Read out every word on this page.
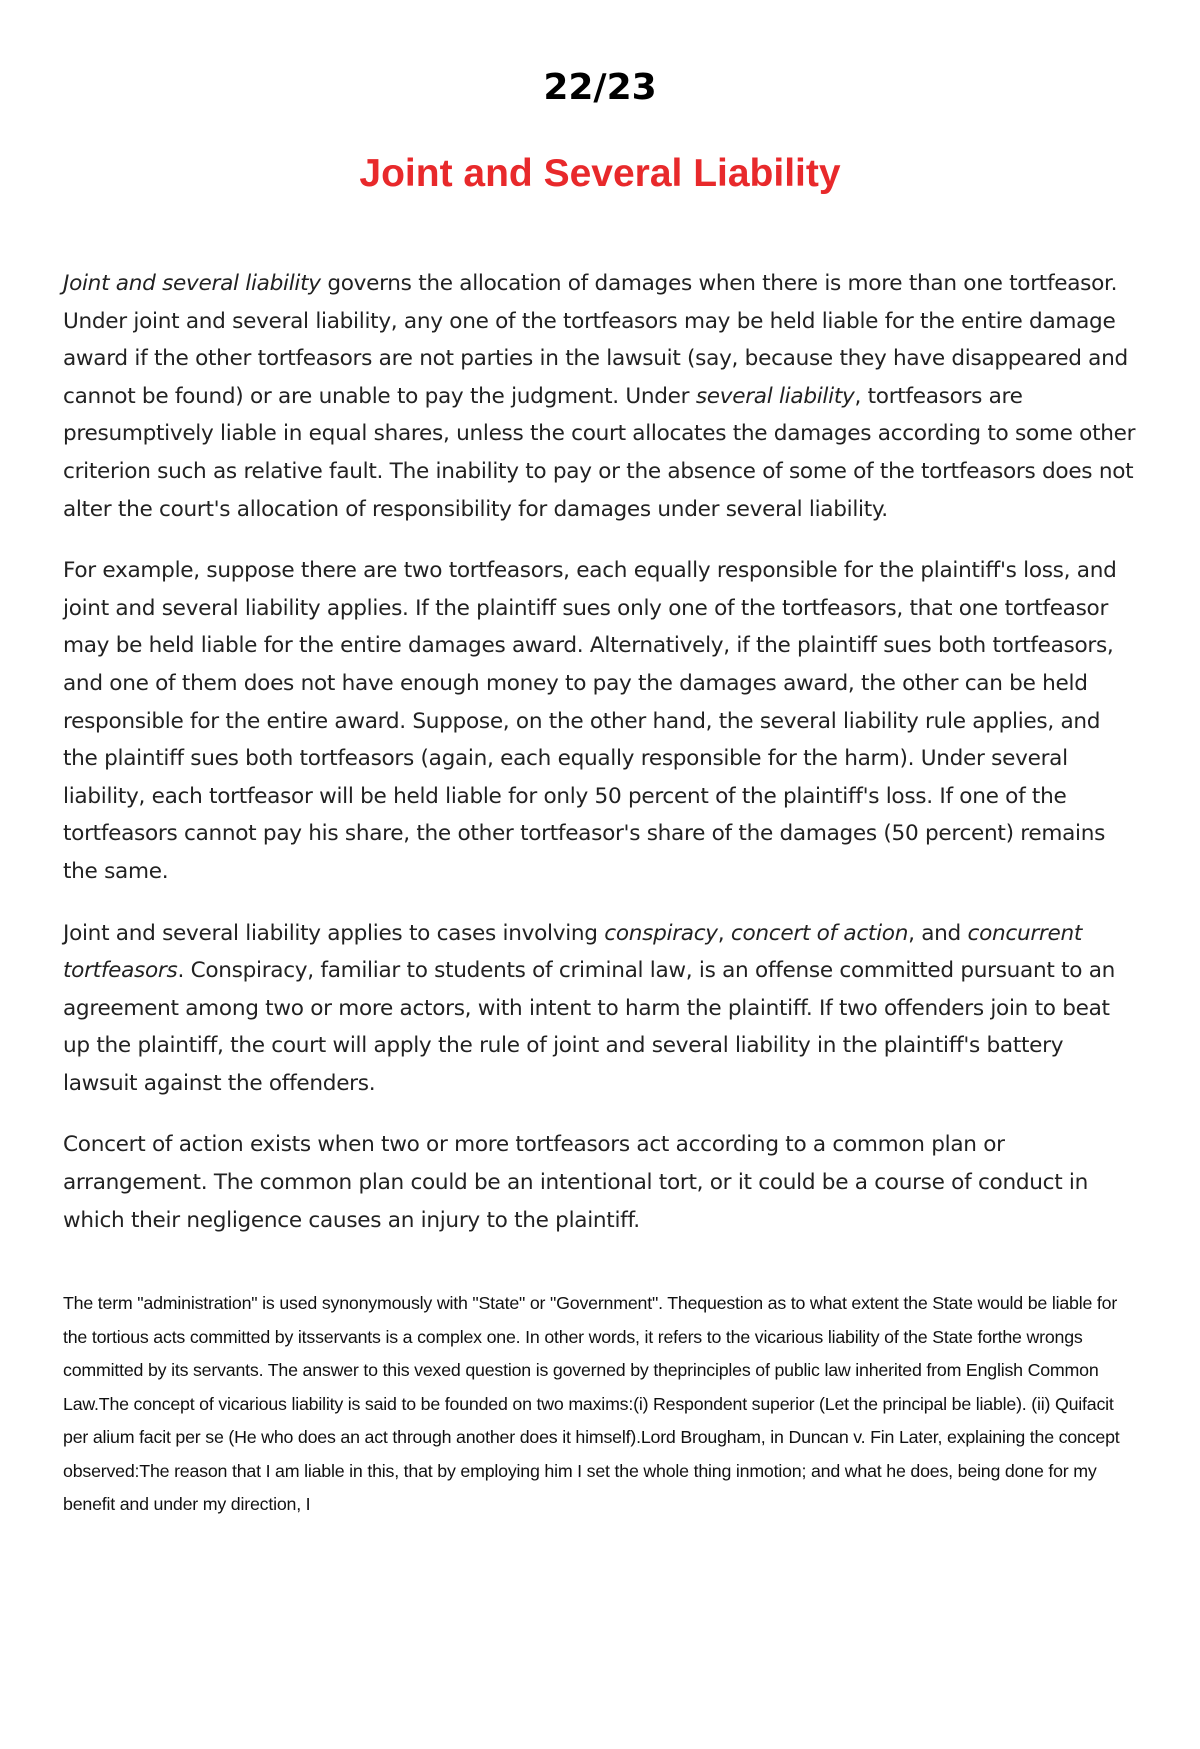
22/23
Joint and Several Liability

Joint and several liability governs the allocation of damages when there is more than one tortfeasor. Under joint and several liability, any one of the tortfeasors may be held liable for the entire damage award if the other tortfeasors are not parties in the lawsuit (say, because they have disappeared and cannot be found) or are unable to pay the judgment. Under several liability, tortfeasors are presumptively liable in equal shares, unless the court allocates the damages according to some other criterion such as relative fault. The inability to pay or the absence of some of the tortfeasors does not alter the court's allocation of responsibility for damages under several liability.

For example, suppose there are two tortfeasors, each equally responsible for the plaintiff's loss, and joint and several liability applies. If the plaintiff sues only one of the tortfeasors, that one tortfeasor may be held liable for the entire damages award. Alternatively, if the plaintiff sues both tortfeasors, and one of them does not have enough money to pay the damages award, the other can be held responsible for the entire award. Suppose, on the other hand, the several liability rule applies, and the plaintiff sues both tortfeasors (again, each equally responsible for the harm). Under several liability, each tortfeasor will be held liable for only 50 percent of the plaintiff's loss. If one of the tortfeasors cannot pay his share, the other tortfeasor's share of the damages (50 percent) remains the same.

Joint and several liability applies to cases involving conspiracy, concert of action, and concurrent tortfeasors. Conspiracy, familiar to students of criminal law, is an offense committed pursuant to an agreement among two or more actors, with intent to harm the plaintiff. If two offenders join to beat up the plaintiff, the court will apply the rule of joint and several liability in the plaintiff's battery lawsuit against the offenders.

Concert of action exists when two or more tortfeasors act according to a common plan or arrangement. The common plan could be an intentional tort, or it could be a course of conduct in which their negligence causes an injury to the plaintiff.

The term "administration" is used synonymously with "State" or "Government". Thequestion as to what extent the State would be liable for the tortious acts committed by itsservants is a complex one. In other words, it refers to the vicarious liability of the State forthe wrongs committed by its servants. The answer to this vexed question is governed by theprinciples of public law inherited from English Common Law.The concept of vicarious liability is said to be founded on two maxims:(i) Respondent superior (Let the principal be liable). (ii) Quifacit per alium facit per se (He who does an act through another does it himself).Lord Brougham, in Duncan v. Fin Later, explaining the concept observed:The reason that I am liable in this, that by employing him I set the whole thing inmotion; and what he does, being done for my benefit and under my direction, I
